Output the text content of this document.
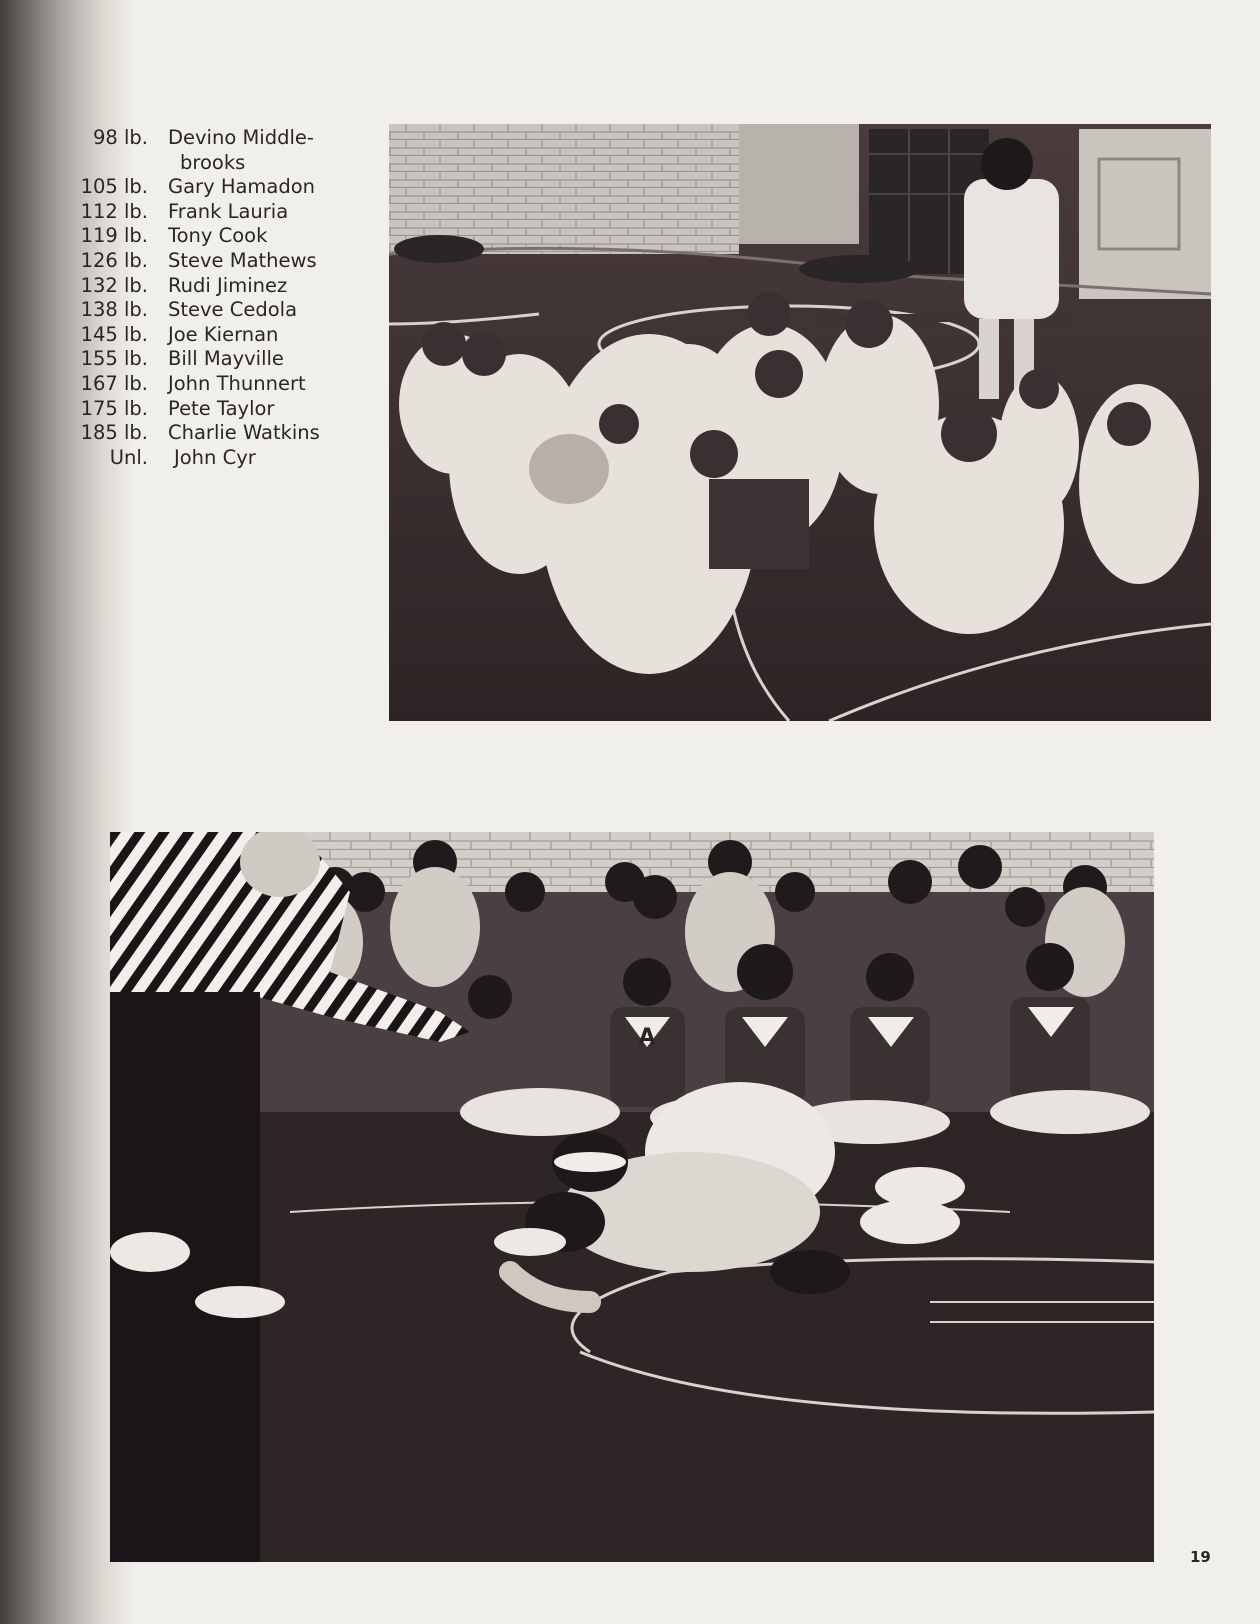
98 lb. Devino Middle-
brooks
105 lb. Gary Hamadon
112 lb. Frank Lauria
119 lb. Tony Cook
126 lb. Steve Mathews
132 lb. Rudi Jiminez
138 lb. Steve Cedola
145 lb. Joe Kiernan
155 lb. Bill Mayville
167 lb. John Thunnert
175 lb. Pete Taylor
185 lb. Charlie Watkins
Unl.	John Cyr
A
19
